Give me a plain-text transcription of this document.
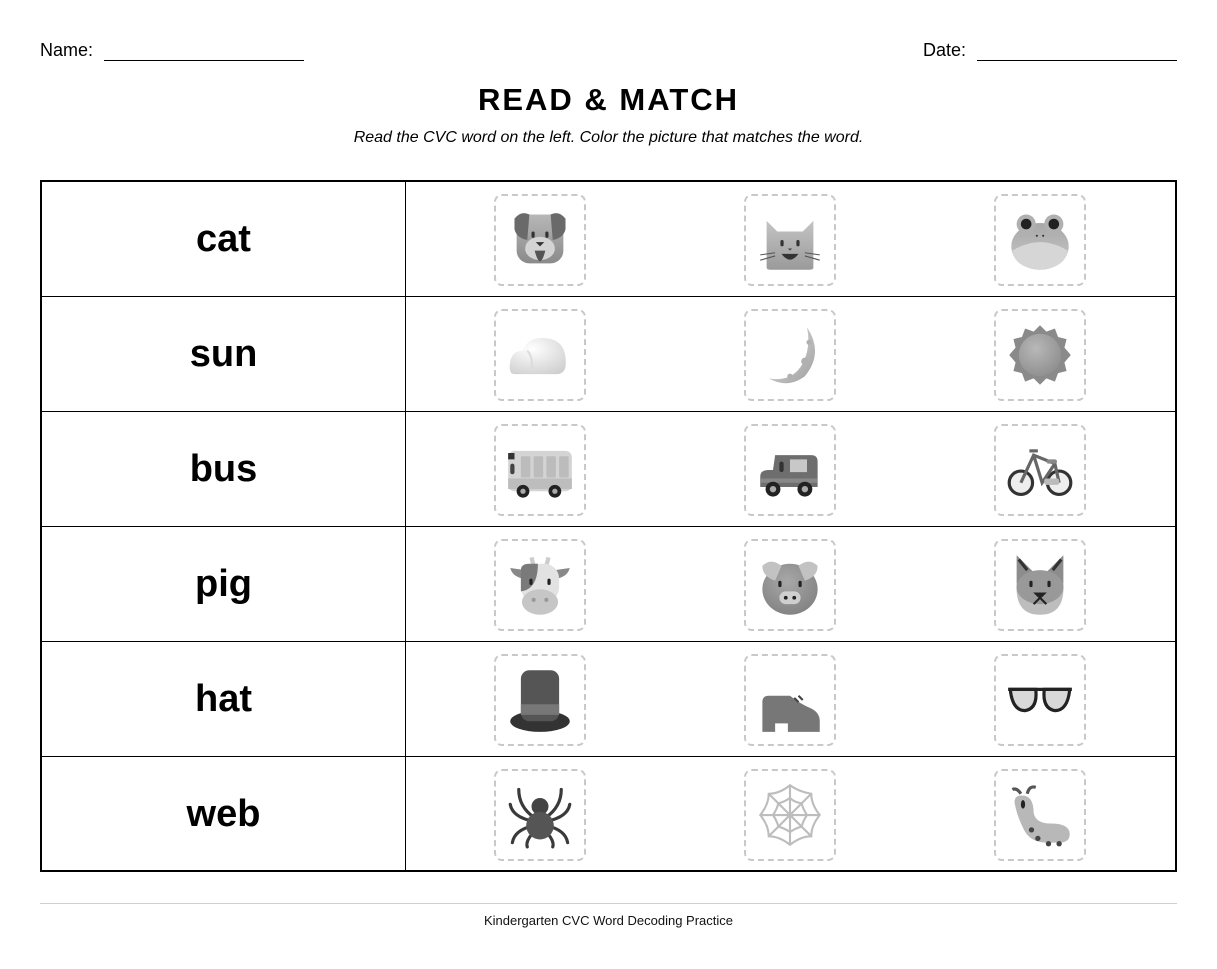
Name:	Date:
READ & MATCH
Read the CVC word on the left. Color the picture that matches the word.
cat
sun
bus
pig
hat
web
Kindergarten CVC Word Decoding Practice
